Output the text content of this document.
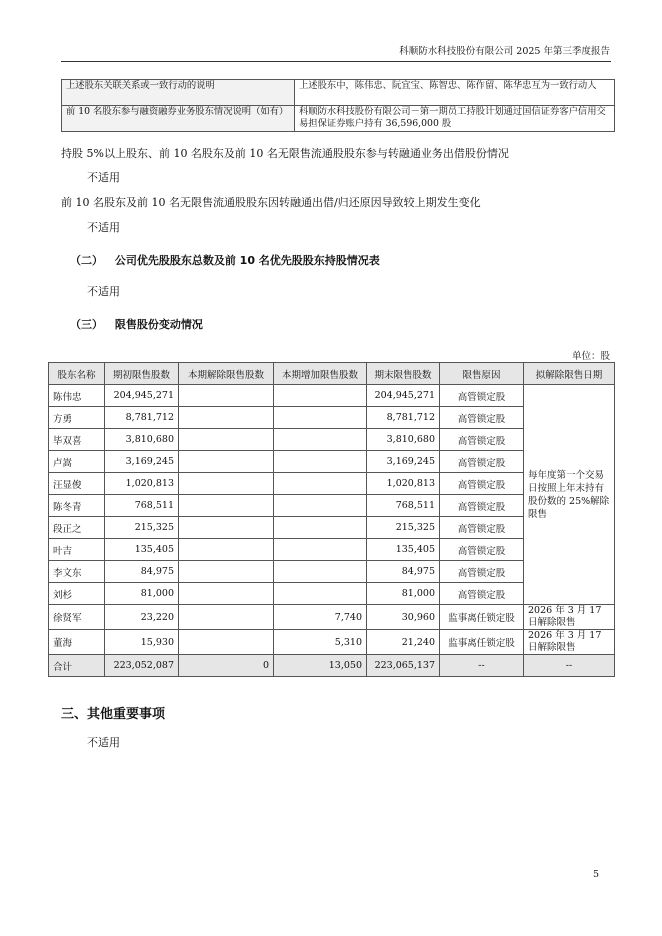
科顺防水科技股份有限公司 2025 年第三季度报告
上述股东关联关系或一致行动的说明	上述股东中，陈伟忠、阮宜宝、陈智忠、陈作留、陈华忠互为一致行动人
前 10 名股东参与融资融券业务股东情况说明（如有）	科顺防水科技股份有限公司－第一期员工持股计划通过国信证券客户信用交易担保证券账户持有 36,596,000 股
持股 5%以上股东、前 10 名股东及前 10 名无限售流通股股东参与转融通业务出借股份情况
不适用
前 10 名股东及前 10 名无限售流通股股东因转融通出借/归还原因导致较上期发生变化
不适用
（二） 公司优先股股东总数及前 10 名优先股股东持股情况表
不适用
（三） 限售股份变动情况
单位：股
股东名称	期初限售股数	本期解除限售股数	本期增加限售股数	期末限售股数	限售原因	拟解除限售日期
陈伟忠	204,945,271			204,945,271	高管锁定股	每年度第一个交易日按照上年末持有股份数的 25%解除限售
方勇	8,781,712			8,781,712	高管锁定股	
毕双喜	3,810,680			3,810,680	高管锁定股	
卢嵩	3,169,245			3,169,245	高管锁定股	
汪显俊	1,020,813			1,020,813	高管锁定股	
陈冬青	768,511			768,511	高管锁定股	
段正之	215,325			215,325	高管锁定股	
叶吉	135,405			135,405	高管锁定股	
李文东	84,975			84,975	高管锁定股	
刘杉	81,000			81,000	高管锁定股	
徐贤军	23,220		7,740	30,960	监事离任锁定股	2026 年 3 月 17 日解除限售
董海	15,930		5,310	21,240	监事离任锁定股	2026 年 3 月 17 日解除限售
合计	223,052,087	0	13,050	223,065,137	--	--
三、其他重要事项
不适用
5
